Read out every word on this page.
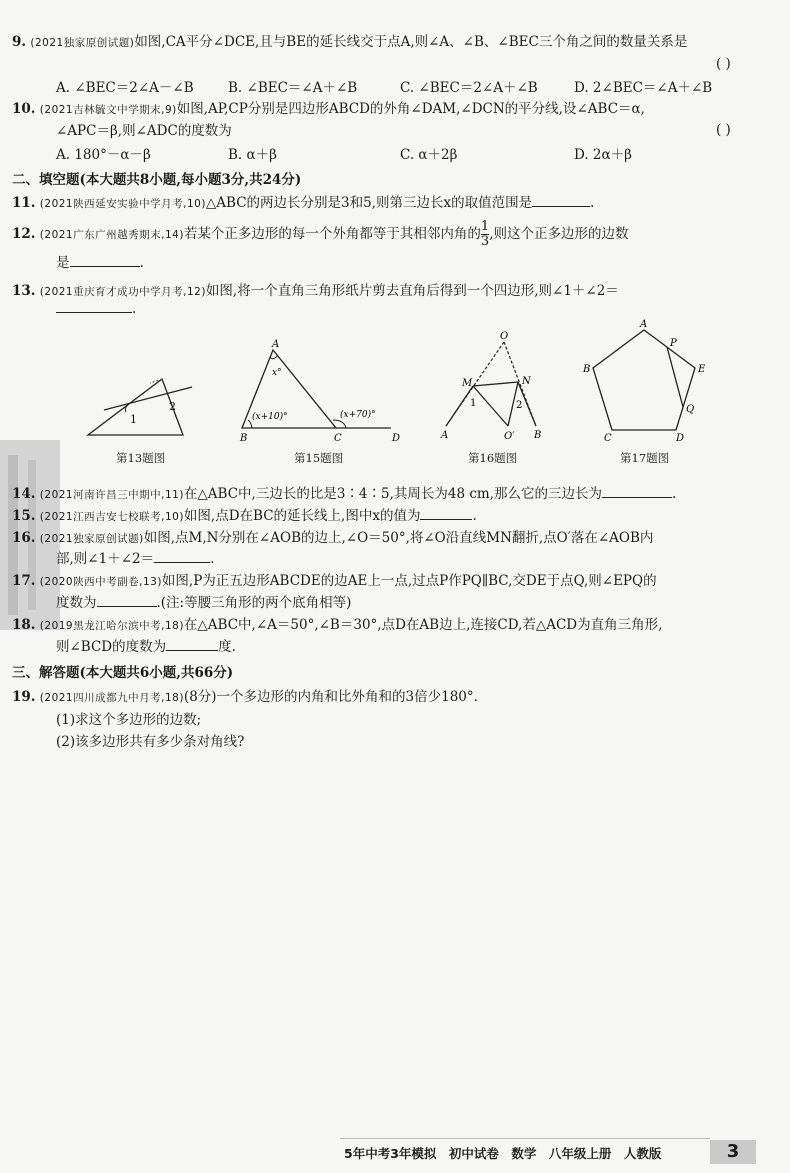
9. (2021独家原创试题)如图,CA平分∠DCE,且与BE的延长线交于点A,则∠A、∠B、∠BEC三个角之间的数量关系是
( )
A. ∠BEC＝2∠A－∠B	B. ∠BEC＝∠A＋∠B	C. ∠BEC＝2∠A＋∠B	D. 2∠BEC＝∠A＋∠B
10. (2021吉林毓文中学期末,9)如图,AP,CP分别是四边形ABCD的外角∠DAM,∠DCN的平分线,设∠ABC＝α,
∠APC＝β,则∠ADC的度数为	( )
A. 180°－α－β	B. α＋β	C. α＋2β	D. 2α＋β
二、填空题(本大题共8小题,每小题3分,共24分)
11. (2021陕西延安实验中学月考,10)△ABC的两边长分别是3和5,则第三边长x的取值范围是	.
12. (2021广东广州越秀期末,14)若某个正多边形的每一个外角都等于其相邻内角的 $\frac{1}{3}$ ,则这个正多边形的边数
是	.
13. (2021重庆育才成功中学月考,12)如图,将一个直角三角形纸片剪去直角后得到一个四边形,则∠1＋∠2＝
.
1
2
第13题图
A
x°
(x+10)°	(x+70)°
B	C	D
第15题图
O
M	N
1	2
A	O′ B
第16题图
A
P
B	E
Q
C	D
第17题图
14. (2021河南许昌三中期中,11)在△ABC中,三边长的比是3∶4∶5,其周长为48 cm,那么它的三边长为	.
15. (2021江西吉安七校联考,10)如图,点D在BC的延长线上,图中x的值为	.
16. (2021独家原创试题)如图,点M,N分别在∠AOB的边上,∠O＝50°,将∠O沿直线MN翻折,点O′落在∠AOB内
部,则∠1＋∠2＝	.
17. (2020陕西中考副卷,13)如图,P为正五边形ABCDE的边AE上一点,过点P作PQ∥BC,交DE于点Q,则∠EPQ的
度数为	.(注:等腰三角形的两个底角相等)
18. (2019黑龙江哈尔滨中考,18)在△ABC中,∠A＝50°,∠B＝30°,点D在AB边上,连接CD,若△ACD为直角三角形,
则∠BCD的度数为	度.
三、解答题(本大题共6小题,共66分)
19. (2021四川成都九中月考,18)(8分)一个多边形的内角和比外角和的3倍少180°.
(1)求这个多边形的边数;
(2)该多边形共有多少条对角线?
5年中考3年模拟　初中试卷　数学　八年级上册　人教版	3
